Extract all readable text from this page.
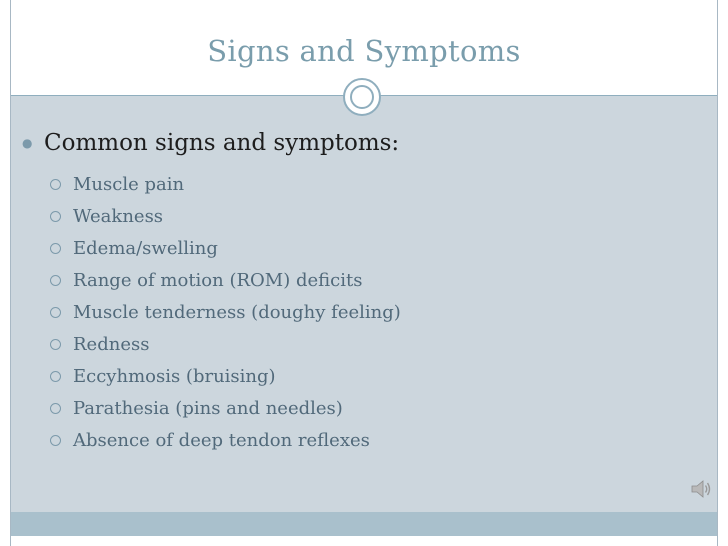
Signs and Symptoms
● Common signs and symptoms:
Muscle pain
Weakness
Edema/swelling
Range of motion (ROM) deficits
Muscle tenderness (doughy feeling)
Redness
Eccyhmosis (bruising)
Parathesia (pins and needles)
Absence of deep tendon reflexes
